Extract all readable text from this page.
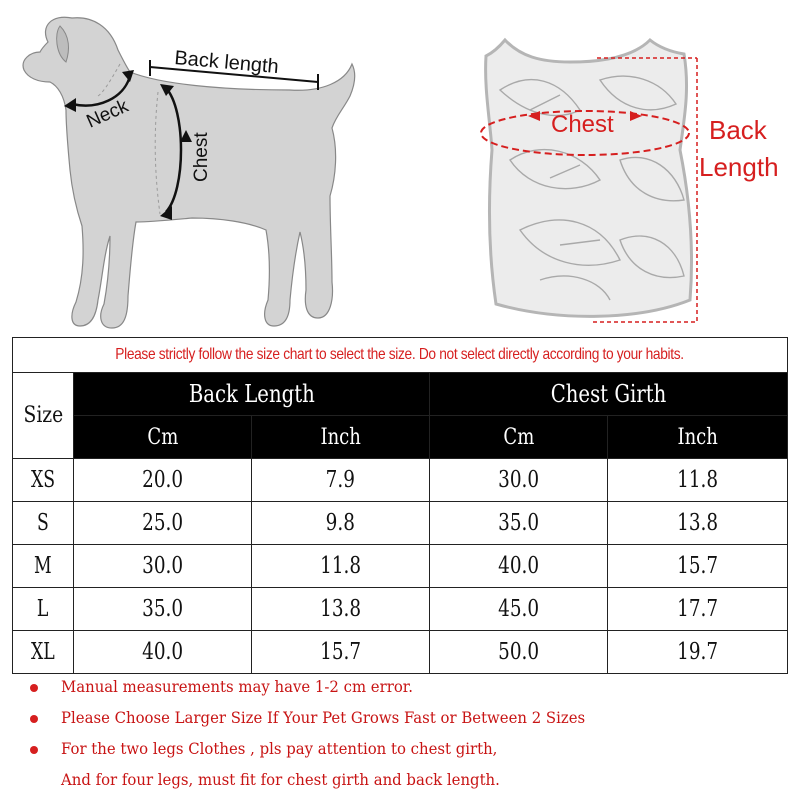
Back length
Neck
Chest
Chest	Back
Length
Please strictly follow the size chart to select the size. Do not select directly according to your habits.				
Size	Back Length		Chest Girth	
	Cm	Inch	Cm	Inch
XS	20.0	7.9	30.0	11.8
S	25.0	9.8	35.0	13.8
M	30.0	11.8	40.0	15.7
L	35.0	13.8	45.0	17.7
XL	40.0	15.7	50.0	19.7
Manual measurements may have 1-2 cm error.
Please Choose Larger Size If Your Pet Grows Fast or Between 2 Sizes
For the two legs Clothes , pls pay attention to chest girth,
And for four legs, must fit for chest girth and back length.
